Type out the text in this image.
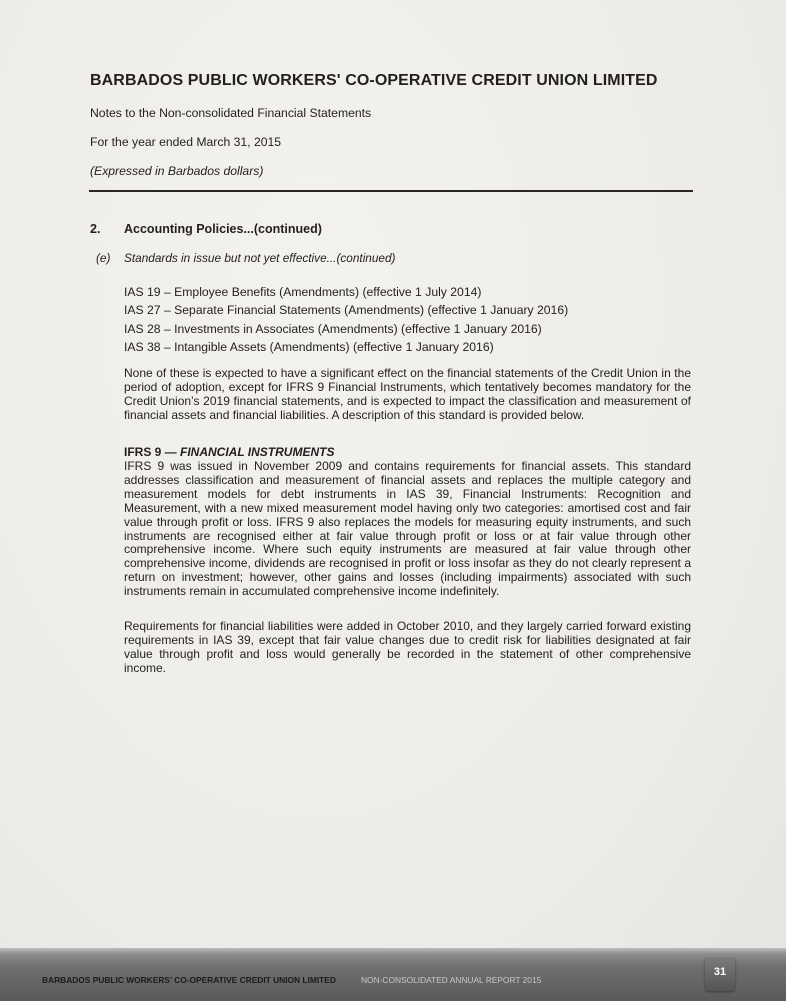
BARBADOS PUBLIC WORKERS' CO-OPERATIVE CREDIT UNION LIMITED
Notes to the Non-consolidated Financial Statements
For the year ended March 31, 2015
(Expressed in Barbados dollars)
2. Accounting Policies...(continued)
(e) Standards in issue but not yet effective...(continued)
IAS 19 – Employee Benefits (Amendments) (effective 1 July 2014)
IAS 27 – Separate Financial Statements (Amendments) (effective 1 January 2016)
IAS 28 – Investments in Associates (Amendments) (effective 1 January 2016)
IAS 38 – Intangible Assets (Amendments) (effective 1 January 2016)

None of these is expected to have a significant effect on the financial statements of the Credit Union in the period of adoption, except for IFRS 9 Financial Instruments, which tentatively becomes mandatory for the Credit Union’s 2019 financial statements, and is expected to impact the classification and measurement of financial assets and financial liabilities. A description of this standard is provided below.

IFRS 9 — FINANCIAL INSTRUMENTS

IFRS 9 was issued in November 2009 and contains requirements for financial assets. This standard addresses classification and measurement of financial assets and replaces the multiple category and measurement models for debt instruments in IAS 39, Financial Instruments: Recognition and Measurement, with a new mixed measurement model having only two categories: amortised cost and fair value through profit or loss. IFRS 9 also replaces the models for measuring equity instruments, and such instruments are recognised either at fair value through profit or loss or at fair value through other comprehensive income. Where such equity instruments are measured at fair value through other comprehensive income, dividends are recognised in profit or loss insofar as they do not clearly represent a return on investment; however, other gains and losses (including impairments) associated with such instruments remain in accumulated comprehensive income indefinitely.

Requirements for financial liabilities were added in October 2010, and they largely carried forward existing requirements in IAS 39, except that fair value changes due to credit risk for liabilities designated at fair value through profit and loss would generally be recorded in the statement of other comprehensive income.

BARBADOS PUBLIC WORKERS’ CO-OPERATIVE CREDIT UNION LIMITED	NON-CONSOLIDATED ANNUAL REPORT 2015
31
